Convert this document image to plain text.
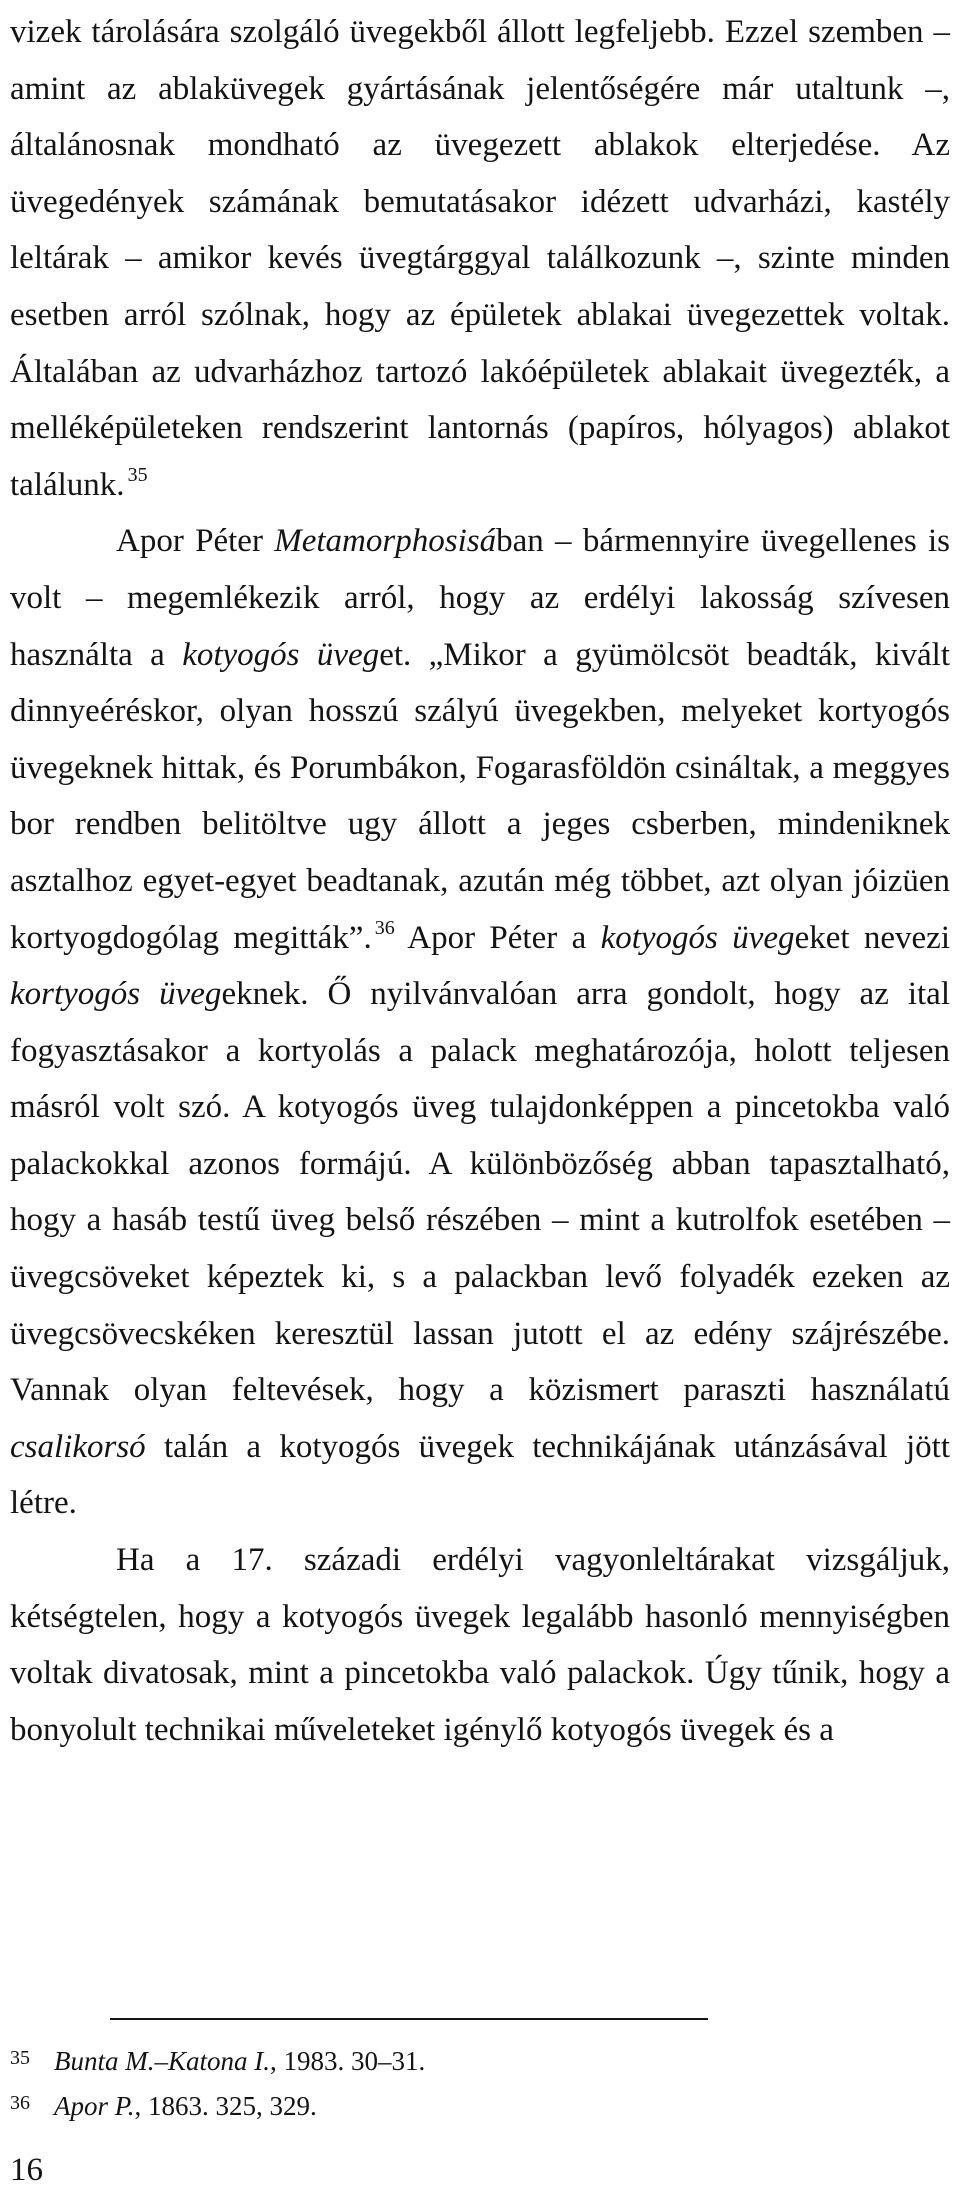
vizek tárolására szolgáló üvegekből állott legfeljebb. Ezzel szemben – amint az ablaküvegek gyártásának jelentőségére már utaltunk –, általánosnak mondható az üvegezett ablakok elterjedése. Az üvegedények számának bemutatásakor idézett udvarházi, kastély leltárak – amikor kevés üvegtárggyal találkozunk –, szinte minden esetben arról szólnak, hogy az épületek ablakai üvegezettek voltak. Általában az udvarházhoz tartozó lakóépületek ablakait üvegezték, a melléképületeken rendszerint lantornás (papíros, hólyagos) ablakot találunk. $^{35}$

Apor Péter Metamorphosisában – bármennyire üvegellenes is volt – megemlékezik arról, hogy az erdélyi lakosság szívesen használta a kotyogós üveget. „Mikor a gyümölcsöt beadták, kivált dinnyeéréskor, olyan hosszú szályú üvegekben, melyeket kortyogós üvegeknek hittak, és Porumbákon, Fogarasföldön csináltak, a meggyes bor rendben belitöltve ugy állott a jeges csberben, mindeniknek asztalhoz egyet-egyet beadtanak, azután még többet, azt olyan jóizüen kortyogdogólag megitták”. $^{36}$ Apor Péter a kotyogós üvegeket nevezi kortyogós üvegeknek. Ő nyilvánvalóan arra gondolt, hogy az ital fogyasztásakor a kortyolás a palack meghatározója, holott teljesen másról volt szó. A kotyogós üveg tulajdonképpen a pincetokba való palackokkal azonos formájú. A különbözőség abban tapasztalható, hogy a hasáb testű üveg belső részében – mint a kutrolfok esetében – üvegcsöveket képeztek ki, s a palackban levő folyadék ezeken az üvegcsövecskéken keresztül lassan jutott el az edény szájrészébe. Vannak olyan feltevések, hogy a közismert paraszti használatú csalikorsó talán a kotyogós üvegek technikájának utánzásával jött létre.

Ha a 17. századi erdélyi vagyonleltárakat vizsgáljuk, kétségtelen, hogy a kotyogós üvegek legalább hasonló mennyiségben voltak divatosak, mint a pincetokba való palackok. Úgy tűnik, hogy a bonyolult technikai műveleteket igénylő kotyogós üvegek és a

35 Bunta M.–Katona I., 1983. 30–31.
36 Apor P., 1863. 325, 329.
16
